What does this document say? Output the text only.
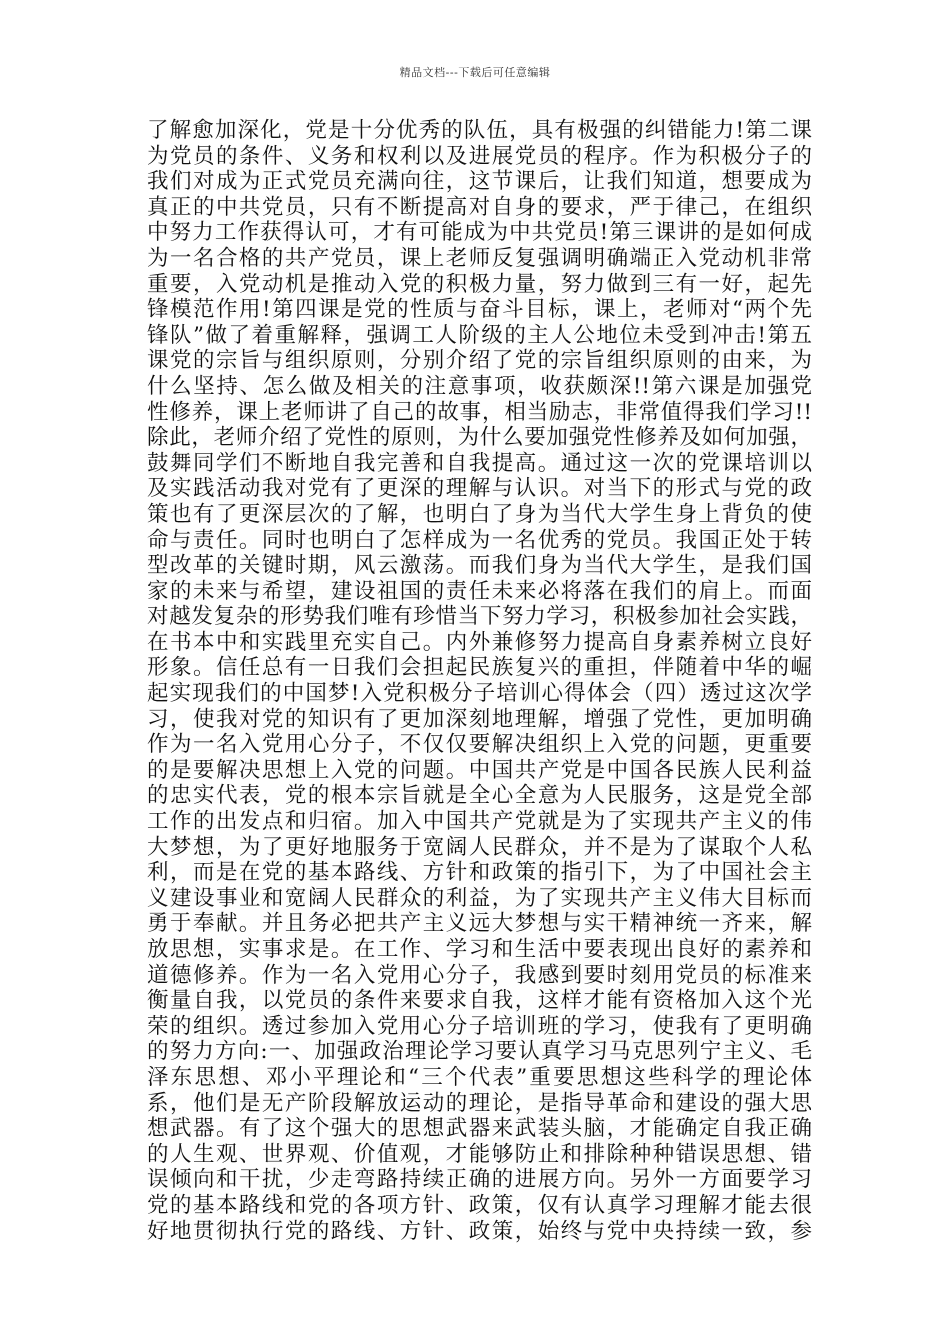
精品文档---下载后可任意编辑
了解愈加深化，党是十分优秀的队伍，具有极强的纠错能力!第二课
为党员的条件、义务和权利以及进展党员的程序。作为积极分子的
我们对成为正式党员充满向往，这节课后，让我们知道，想要成为
真正的中共党员，只有不断提高对自身的要求，严于律己，在组织
中努力工作获得认可，才有可能成为中共党员!第三课讲的是如何成
为一名合格的共产党员，课上老师反复强调明确端正入党动机非常
重要，入党动机是推动入党的积极力量，努力做到三有一好，起先
锋模范作用!第四课是党的性质与奋斗目标，课上，老师对“两个先
锋队”做了着重解释，强调工人阶级的主人公地位未受到冲击!第五
课党的宗旨与组织原则，分别介绍了党的宗旨组织原则的由来，为
什么坚持、怎么做及相关的注意事项，收获颇深!!第六课是加强党
性修养，课上老师讲了自己的故事，相当励志，非常值得我们学习!!
除此，老师介绍了党性的原则，为什么要加强党性修养及如何加强，
鼓舞同学们不断地自我完善和自我提高。通过这一次的党课培训以
及实践活动我对党有了更深的理解与认识。对当下的形式与党的政
策也有了更深层次的了解，也明白了身为当代大学生身上背负的使
命与责任。同时也明白了怎样成为一名优秀的党员。我国正处于转
型改革的关键时期，风云激荡。而我们身为当代大学生，是我们国
家的未来与希望，建设祖国的责任未来必将落在我们的肩上。而面
对越发复杂的形势我们唯有珍惜当下努力学习，积极参加社会实践，
在书本中和实践里充实自己。内外兼修努力提高自身素养树立良好
形象。信任总有一日我们会担起民族复兴的重担，伴随着中华的崛
起实现我们的中国梦!入党积极分子培训心得体会（四）透过这次学
习，使我对党的知识有了更加深刻地理解，增强了党性，更加明确
作为一名入党用心分子，不仅仅要解决组织上入党的问题，更重要
的是要解决思想上入党的问题。中国共产党是中国各民族人民利益
的忠实代表，党的根本宗旨就是全心全意为人民服务，这是党全部
工作的出发点和归宿。加入中国共产党就是为了实现共产主义的伟
大梦想，为了更好地服务于宽阔人民群众，并不是为了谋取个人私
利，而是在党的基本路线、方针和政策的指引下，为了中国社会主
义建设事业和宽阔人民群众的利益，为了实现共产主义伟大目标而
勇于奉献。并且务必把共产主义远大梦想与实干精神统一齐来，解
放思想，实事求是。在工作、学习和生活中要表现出良好的素养和
道德修养。作为一名入党用心分子，我感到要时刻用党员的标准来
衡量自我，以党员的条件来要求自我，这样才能有资格加入这个光
荣的组织。透过参加入党用心分子培训班的学习，使我有了更明确
的努力方向:一、加强政治理论学习要认真学习马克思列宁主义、毛
泽东思想、邓小平理论和“三个代表”重要思想这些科学的理论体
系，他们是无产阶段解放运动的理论，是指导革命和建设的强大思
想武器。有了这个强大的思想武器来武装头脑，才能确定自我正确
的人生观、世界观、价值观，才能够防止和排除种种错误思想、错
误倾向和干扰，少走弯路持续正确的进展方向。另外一方面要学习
党的基本路线和党的各项方针、政策，仅有认真学习理解才能去很
好地贯彻执行党的路线、方针、政策，始终与党中央持续一致，参
